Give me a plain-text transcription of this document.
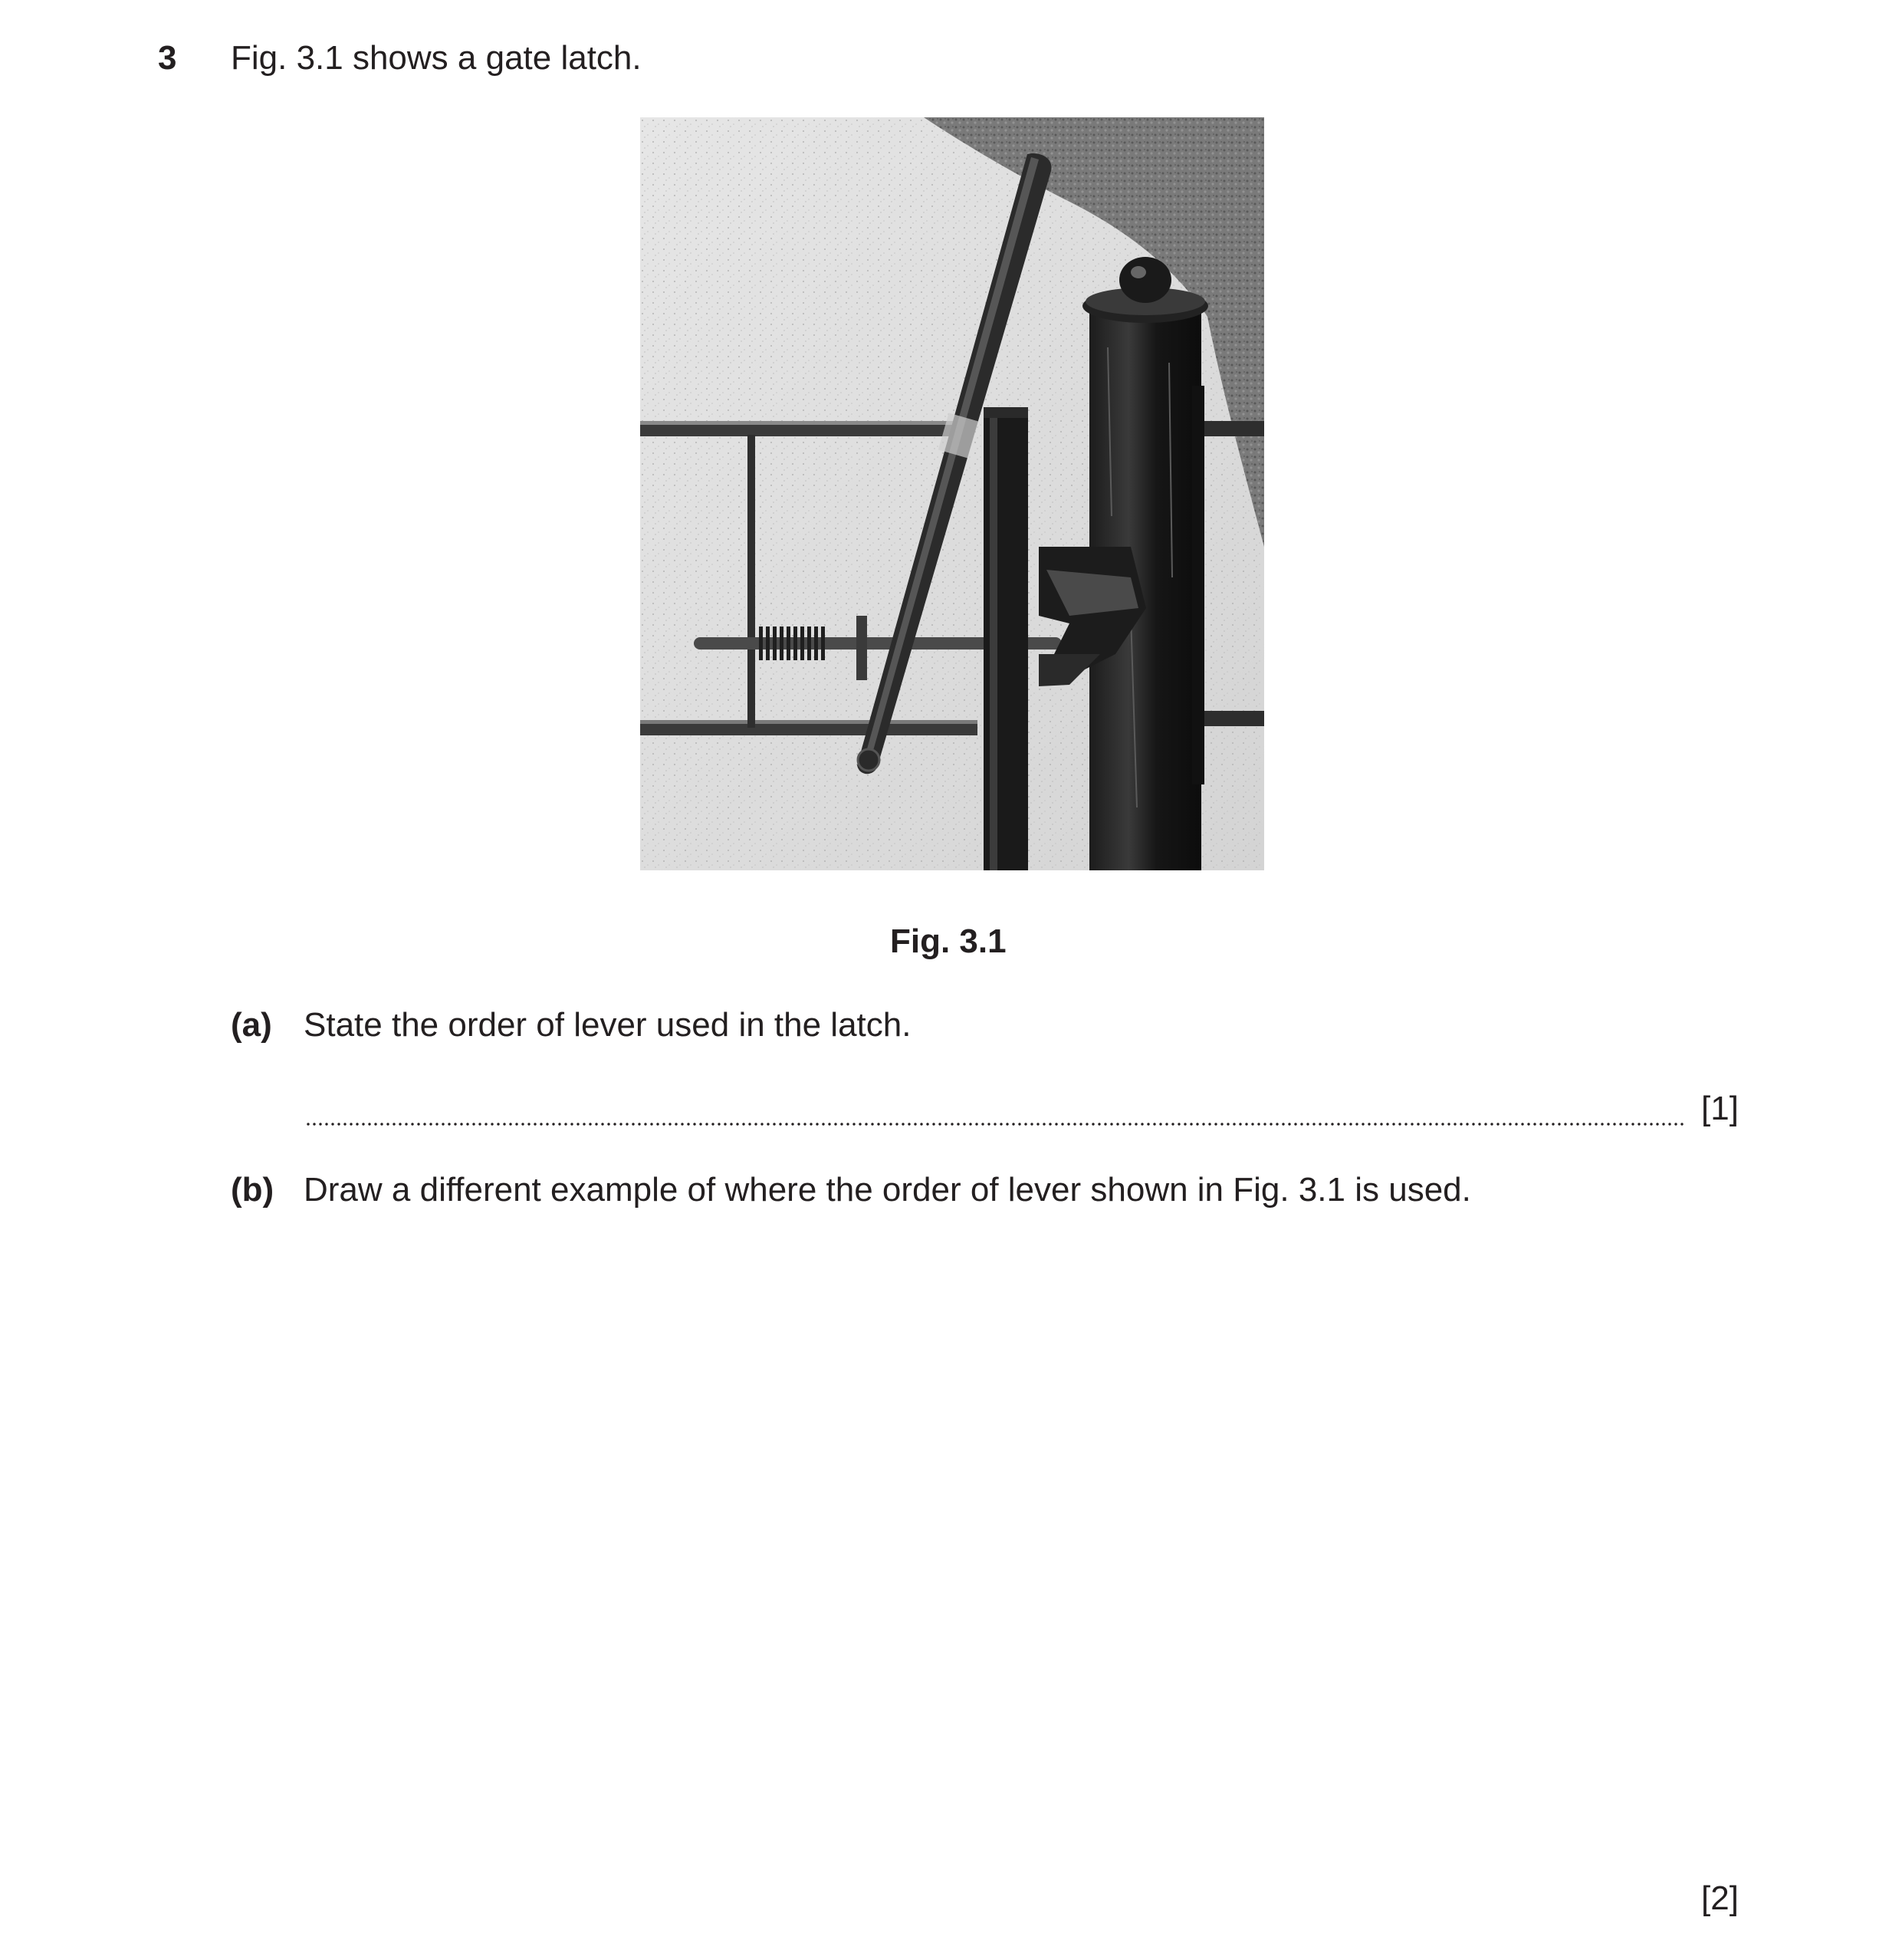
3 Fig. 3.1 shows a gate latch.
Fig. 3.1
(a) State the order of lever used in the latch.
[1]
(b) Draw a different example of where the order of lever shown in Fig. 3.1 is used.
[2]
